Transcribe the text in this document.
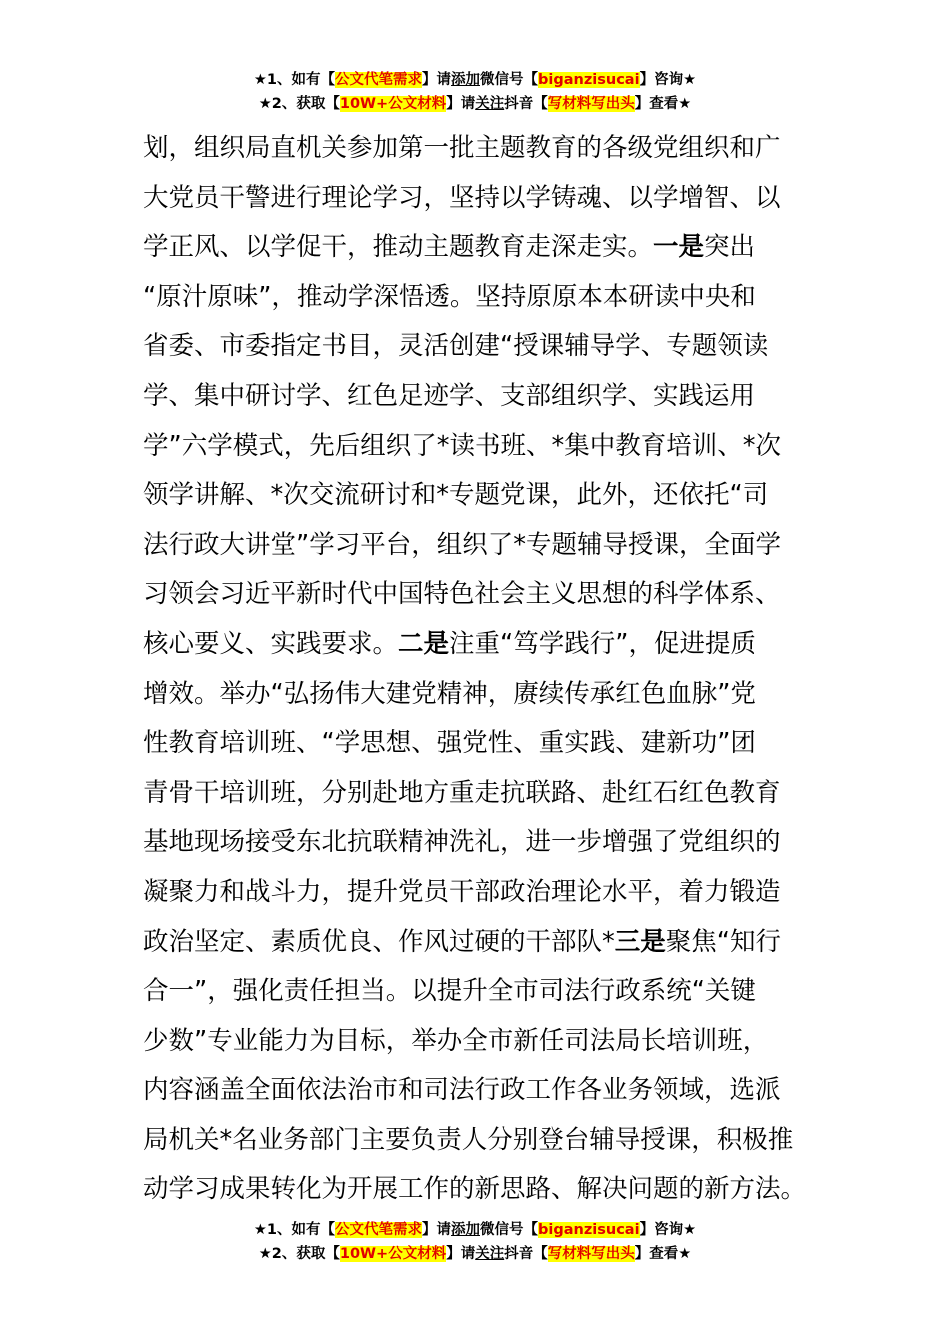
★1、如有【公文代笔需求】请添加微信号【biganzisucai】咨询★
★2、获取【10W+公文材料】请关注抖音【写材料写出头】查看★
划，组织局直机关参加第一批主题教育的各级党组织和广
大党员干警进行理论学习，坚持以学铸魂、以学增智、以
学正风、以学促干，推动主题教育走深走实。一是突出
“原汁原味”，推动学深悟透。坚持原原本本研读中央和
省委、市委指定书目，灵活创建“授课辅导学、专题领读
学、集中研讨学、红色足迹学、支部组织学、实践运用
学”六学模式，先后组织了*读书班、*集中教育培训、*次
领学讲解、*次交流研讨和*专题党课，此外，还依托“司
法行政大讲堂”学习平台，组织了*专题辅导授课，全面学
习领会习近平新时代中国特色社会主义思想的科学体系、
核心要义、实践要求。二是注重“笃学践行”，促进提质
增效。举办“弘扬伟大建党精神，赓续传承红色血脉”党
性教育培训班、“学思想、强党性、重实践、建新功”团
青骨干培训班，分别赴地方重走抗联路、赴红石红色教育
基地现场接受东北抗联精神洗礼，进一步增强了党组织的
凝聚力和战斗力，提升党员干部政治理论水平，着力锻造
政治坚定、素质优良、作风过硬的干部队*三是聚焦“知行
合一”，强化责任担当。以提升全市司法行政系统“关键
少数”专业能力为目标，举办全市新任司法局长培训班，
内容涵盖全面依法治市和司法行政工作各业务领域，选派
局机关*名业务部门主要负责人分别登台辅导授课，积极推
动学习成果转化为开展工作的新思路、解决问题的新方法。
★1、如有【公文代笔需求】请添加微信号【biganzisucai】咨询★
★2、获取【10W+公文材料】请关注抖音【写材料写出头】查看★
